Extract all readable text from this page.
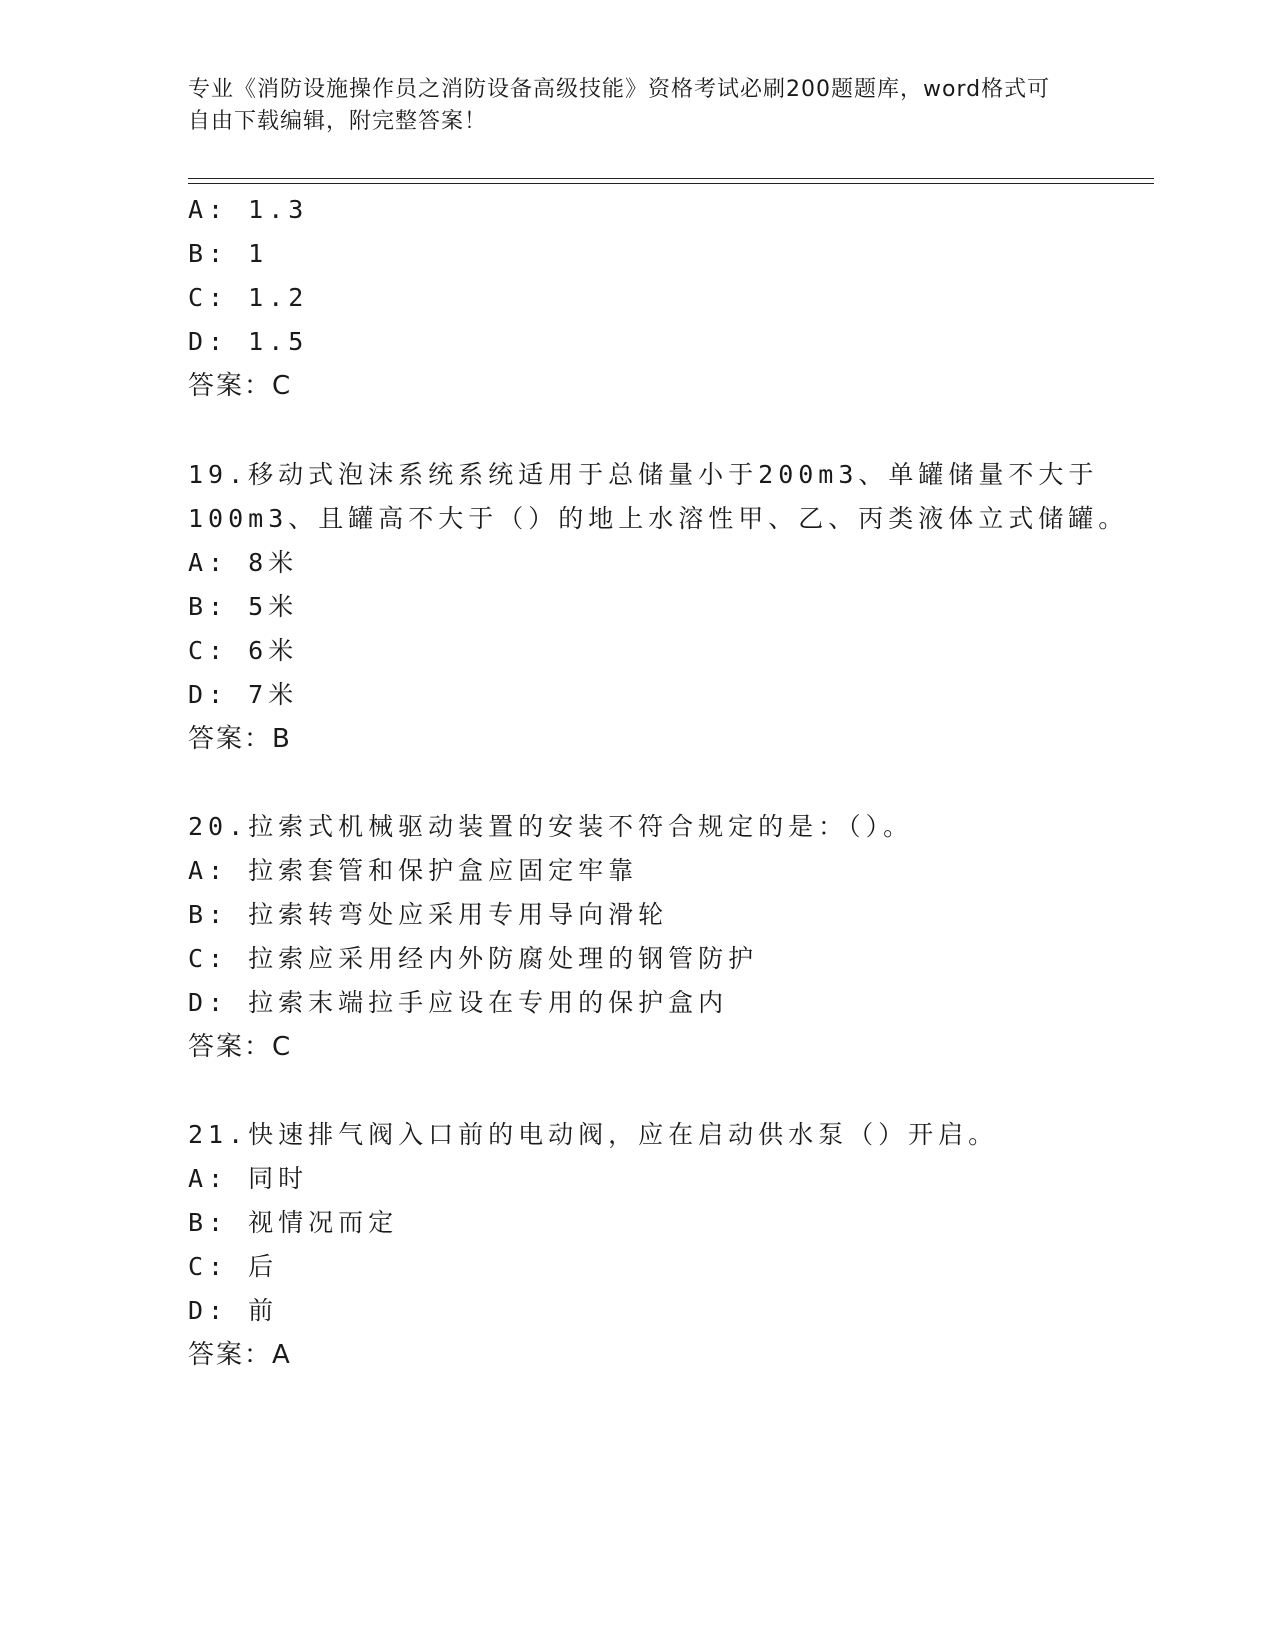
专业《消防设施操作员之消防设备高级技能》资格考试必刷200题题库，word格式可自由下载编辑，附完整答案！
A: 1.3
B: 1
C: 1.2
D: 1.5
答案：C
19.移动式泡沫系统系统适用于总储量小于200m3、单罐储量不大于
100m3、且罐高不大于（）的地上水溶性甲、乙、丙类液体立式储罐。
A: 8米
B: 5米
C: 6米
D: 7米
答案：B
20.拉索式机械驱动装置的安装不符合规定的是：（）。
A: 拉索套管和保护盒应固定牢靠
B: 拉索转弯处应采用专用导向滑轮
C: 拉索应采用经内外防腐处理的钢管防护
D: 拉索末端拉手应设在专用的保护盒内
答案：C
21.快速排气阀入口前的电动阀，应在启动供水泵（）开启。
A: 同时
B: 视情况而定
C: 后
D: 前
答案：A
